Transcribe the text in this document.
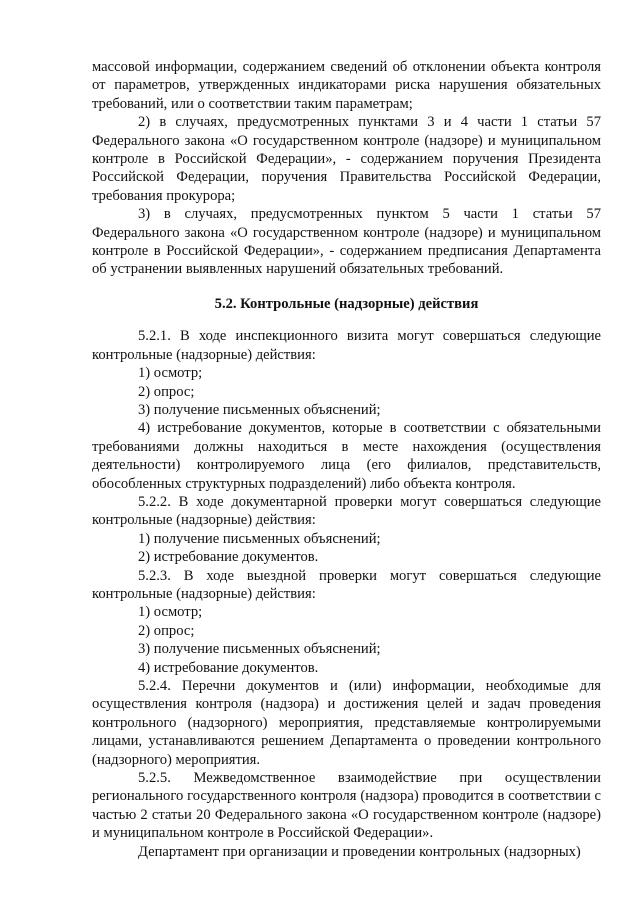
массовой информации, содержанием сведений об отклонении объекта контроля от параметров, утвержденных индикаторами риска нарушения обязательных требований, или о соответствии таким параметрам;

2) в случаях, предусмотренных пунктами 3 и 4 части 1 статьи 57 Федерального закона «О государственном контроле (надзоре) и муниципальном контроле в Российской Федерации», - содержанием поручения Президента Российской Федерации, поручения Правительства Российской Федерации, требования прокурора;

3) в случаях, предусмотренных пунктом 5 части 1 статьи 57 Федерального закона «О государственном контроле (надзоре) и муниципальном контроле в Российской Федерации», - содержанием предписания Департамента об устранении выявленных нарушений обязательных требований.

5.2. Контрольные (надзорные) действия

5.2.1. В ходе инспекционного визита могут совершаться следующие контрольные (надзорные) действия:

1) осмотр;

2) опрос;

3) получение письменных объяснений;

4) истребование документов, которые в соответствии с обязательными требованиями должны находиться в месте нахождения (осуществления деятельности) контролируемого лица (его филиалов, представительств, обособленных структурных подразделений) либо объекта контроля.

5.2.2. В ходе документарной проверки могут совершаться следующие контрольные (надзорные) действия:

1) получение письменных объяснений;

2) истребование документов.

5.2.3. В ходе выездной проверки могут совершаться следующие контрольные (надзорные) действия:

1) осмотр;

2) опрос;

3) получение письменных объяснений;

4) истребование документов.

5.2.4. Перечни документов и (или) информации, необходимые для осуществления контроля (надзора) и достижения целей и задач проведения контрольного (надзорного) мероприятия, представляемые контролируемыми лицами, устанавливаются решением Департамента о проведении контрольного (надзорного) мероприятия.

5.2.5. Межведомственное взаимодействие при осуществлении регионального государственного контроля (надзора) проводится в соответствии с частью 2 статьи 20 Федерального закона «О государственном контроле (надзоре) и муниципальном контроле в Российской Федерации».

Департамент при организации и проведении контрольных (надзорных)
